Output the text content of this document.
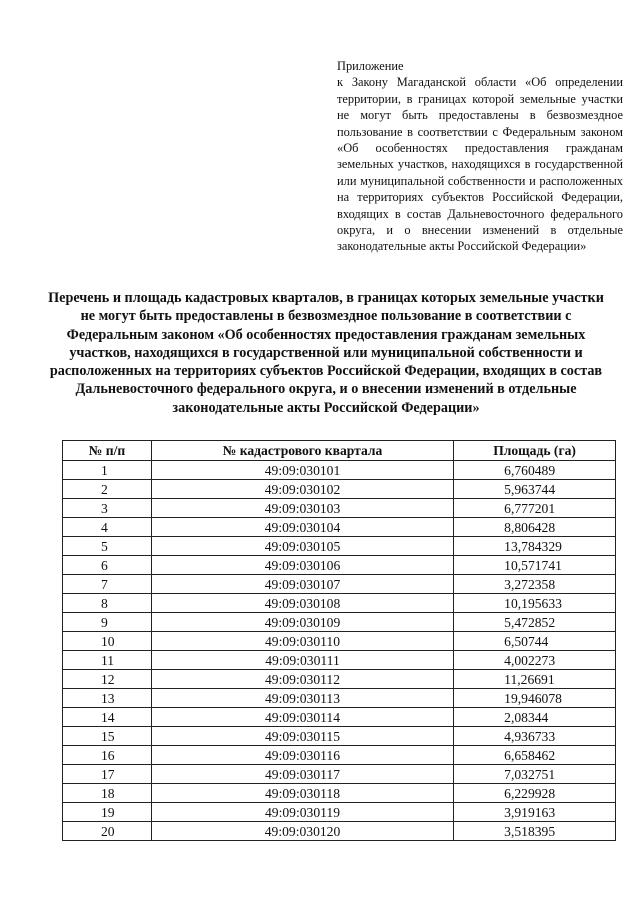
Приложение
к Закону Магаданской области «Об определении территории, в границах которой земельные участки не могут быть предоставлены в безвозмездное пользование в соответствии с Федеральным законом «Об особенностях предоставления гражданам земельных участков, находящихся в государственной или муниципальной собственности и расположенных на территориях субъектов Российской Федерации, входящих в состав Дальневосточного федерального округа, и о внесении изменений в отдельные законодательные акты Российской Федерации»
Перечень и площадь кадастровых кварталов, в границах которых земельные участки не могут быть предоставлены в безвозмездное пользование в соответствии с Федеральным законом «Об особенностях предоставления гражданам земельных участков, находящихся в государственной или муниципальной собственности и расположенных на территориях субъектов Российской Федерации, входящих в состав Дальневосточного федерального округа, и о внесении изменений в отдельные законодательные акты Российской Федерации»
№ п/п	№ кадастрового квартала	Площадь (га)
1	49:09:030101	6,760489
2	49:09:030102	5,963744
3	49:09:030103	6,777201
4	49:09:030104	8,806428
5	49:09:030105	13,784329
6	49:09:030106	10,571741
7	49:09:030107	3,272358
8	49:09:030108	10,195633
9	49:09:030109	5,472852
10	49:09:030110	6,50744
11	49:09:030111	4,002273
12	49:09:030112	11,26691
13	49:09:030113	19,946078
14	49:09:030114	2,08344
15	49:09:030115	4,936733
16	49:09:030116	6,658462
17	49:09:030117	7,032751
18	49:09:030118	6,229928
19	49:09:030119	3,919163
20	49:09:030120	3,518395
